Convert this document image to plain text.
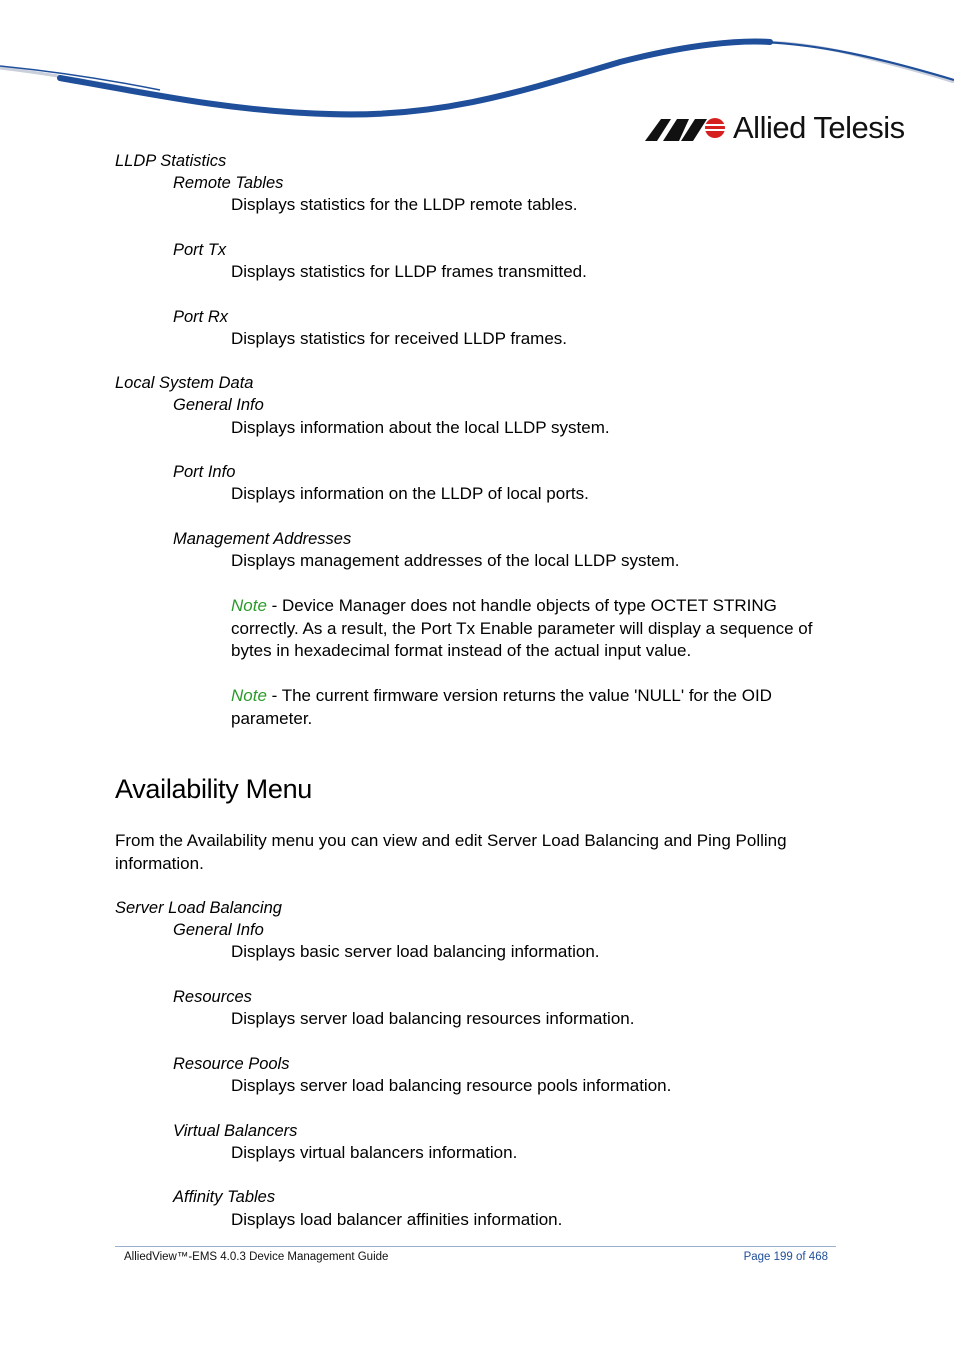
Allied Telesis
LLDP Statistics
Remote Tables
Displays statistics for the LLDP remote tables.
Port Tx
Displays statistics for LLDP frames transmitted.
Port Rx
Displays statistics for received LLDP frames.
Local System Data
General Info
Displays information about the local LLDP system.
Port Info
Displays information on the LLDP of local ports.
Management Addresses
Displays management addresses of the local LLDP system.
Note - Device Manager does not handle objects of type OCTET STRING correctly. As a result, the Port Tx Enable parameter will display a sequence of bytes in hexadecimal format instead of the actual input value.
Note - The current firmware version returns the value 'NULL' for the OID parameter.
Availability Menu
From the Availability menu you can view and edit Server Load Balancing and Ping Polling information.
Server Load Balancing
General Info
Displays basic server load balancing information.
Resources
Displays server load balancing resources information.
Resource Pools
Displays server load balancing resource pools information.
Virtual Balancers
Displays virtual balancers information.
Affinity Tables
Displays load balancer affinities information.
AlliedView™-EMS 4.0.3 Device Management Guide	Page 199 of 468
